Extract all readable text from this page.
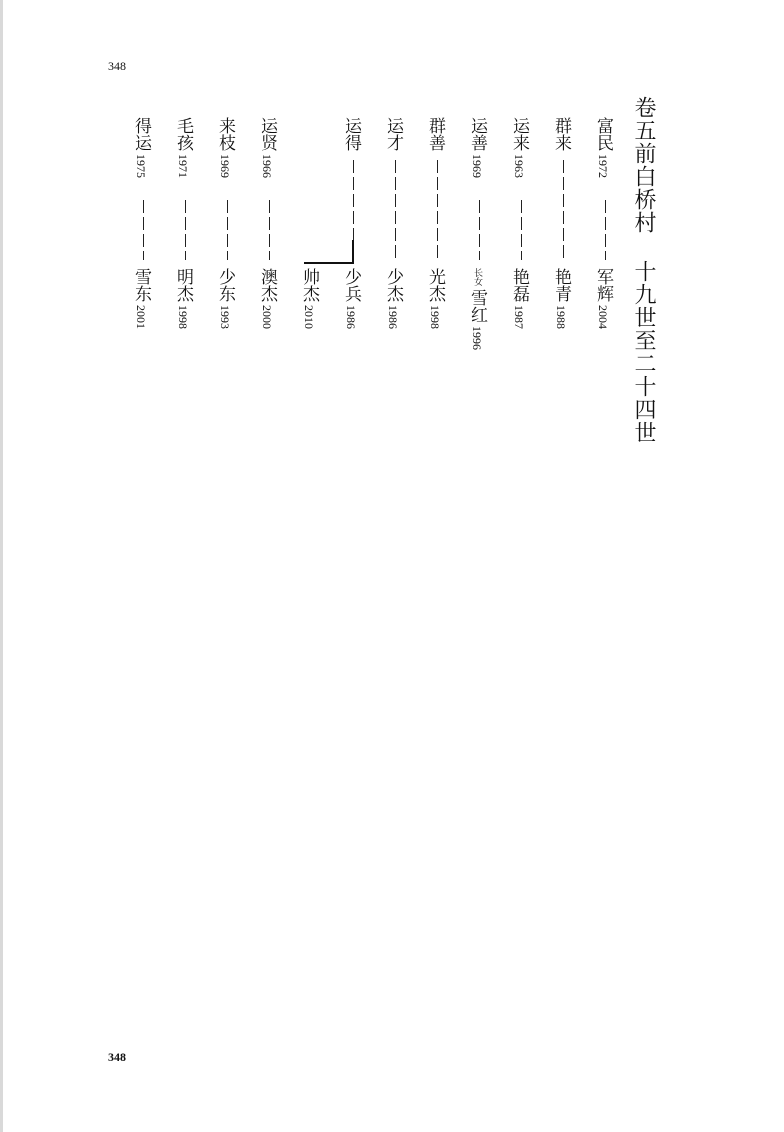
348
348
卷五前白桥村十九世至二十四世
富民1972
军辉2004
群来
艳青1988
运来1963
艳磊1987
运善1969
长女雪红1996
群善
光杰1998
运才
少杰1986
运得
少兵1986
帅杰2010
运贤1966
澳杰2000
来枝1969
少东1993
毛孩1971
明杰1998
得运1975
雪东2001
